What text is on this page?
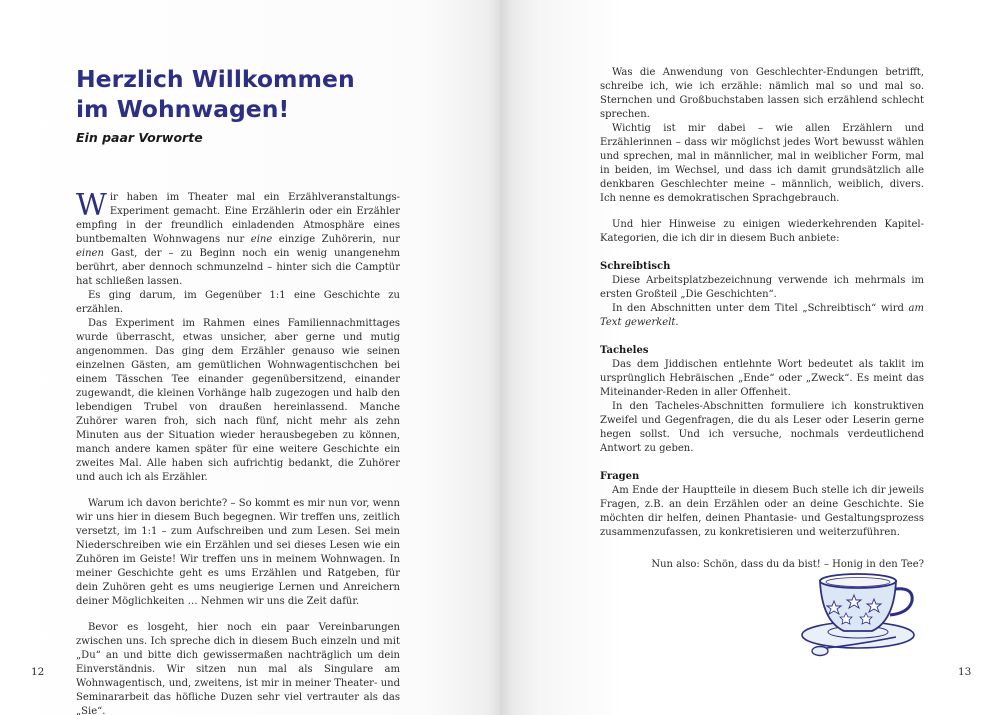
Herzlich Willkommen
im Wohnwagen!
Ein paar Vorworte

Wir haben im Theater mal ein Erzählveranstaltungs-Experiment gemacht. Eine Erzählerin oder ein Erzähler empfing in der freundlich einladenden Atmosphäre eines buntbemalten Wohnwagens nur eine einzige Zuhörerin, nur einen Gast, der – zu Beginn noch ein wenig unangenehm berührt, aber dennoch schmunzelnd – hinter sich die Camptür hat schließen lassen.

Es ging darum, im Gegenüber 1:1 eine Geschichte zu erzählen.

Das Experiment im Rahmen eines Familiennachmittages wurde überrascht, etwas unsicher, aber gerne und mutig angenommen. Das ging dem Erzähler genauso wie seinen einzelnen Gästen, am gemütlichen Wohnwagentischchen bei einem Tässchen Tee einander gegenübersitzend, einander zugewandt, die kleinen Vorhänge halb zugezogen und halb den lebendigen Trubel von draußen hereinlassend. Manche Zuhörer waren froh, sich nach fünf, nicht mehr als zehn Minuten aus der Situation wieder herausbegeben zu können, manch andere kamen später für eine weitere Geschichte ein zweites Mal. Alle haben sich aufrichtig bedankt, die Zuhörer und auch ich als Erzähler.

Warum ich davon berichte? – So kommt es mir nun vor, wenn wir uns hier in diesem Buch begegnen. Wir treffen uns, zeitlich versetzt, im 1:1 – zum Aufschreiben und zum Lesen. Sei mein Niederschreiben wie ein Erzählen und sei dieses Lesen wie ein Zuhören im Geiste! Wir treffen uns in meinem Wohnwagen. In meiner Geschichte geht es ums Erzählen und Ratgeben, für dein Zuhören geht es ums neugierige Lernen und Anreichern deiner Möglichkeiten … Nehmen wir uns die Zeit dafür.

Bevor es losgeht, hier noch ein paar Vereinbarungen zwischen uns. Ich spreche dich in diesem Buch einzeln und mit „Du“ an und bitte dich gewissermaßen nachträglich um dein Einverständnis. Wir sitzen nun mal als Singulare am Wohnwagentisch, und, zweitens, ist mir in meiner Theater- und Seminararbeit das höfliche Duzen sehr viel vertrauter als das „Sie“.

12

Was die Anwendung von Geschlechter-Endungen betrifft, schreibe ich, wie ich erzähle: nämlich mal so und mal so. Sternchen und Großbuchstaben lassen sich erzählend schlecht sprechen.

Wichtig ist mir dabei – wie allen Erzählern und Erzählerinnen – dass wir möglichst jedes Wort bewusst wählen und sprechen, mal in männlicher, mal in weiblicher Form, mal in beiden, im Wechsel, und dass ich damit grundsätzlich alle denkbaren Geschlechter meine – männlich, weiblich, divers. Ich nenne es demokratischen Sprachgebrauch.

Und hier Hinweise zu einigen wiederkehrenden Kapitel-Kategorien, die ich dir in diesem Buch anbiete:

Schreibtisch

Diese Arbeitsplatzbezeichnung verwende ich mehrmals im ersten Großteil „Die Geschichten“.

In den Abschnitten unter dem Titel „Schreibtisch“ wird am Text gewerkelt.

Tacheles

Das dem Jiddischen entlehnte Wort bedeutet als taklit im ursprünglich Hebräischen „Ende“ oder „Zweck“. Es meint das Miteinander-Reden in aller Offenheit.

In den Tacheles-Abschnitten formuliere ich konstruktiven Zweifel und Gegenfragen, die du als Leser oder Leserin gerne hegen sollst. Und ich versuche, nochmals verdeutlichend Antwort zu geben.

Fragen

Am Ende der Hauptteile in diesem Buch stelle ich dir jeweils Fragen, z.B. an dein Erzählen oder an deine Geschichte. Sie möchten dir helfen, deinen Phantasie- und Gestaltungsprozess zusammenzufassen, zu konkretisieren und weiterzuführen.

Nun also: Schön, dass du da bist! – Honig in den Tee?

13
